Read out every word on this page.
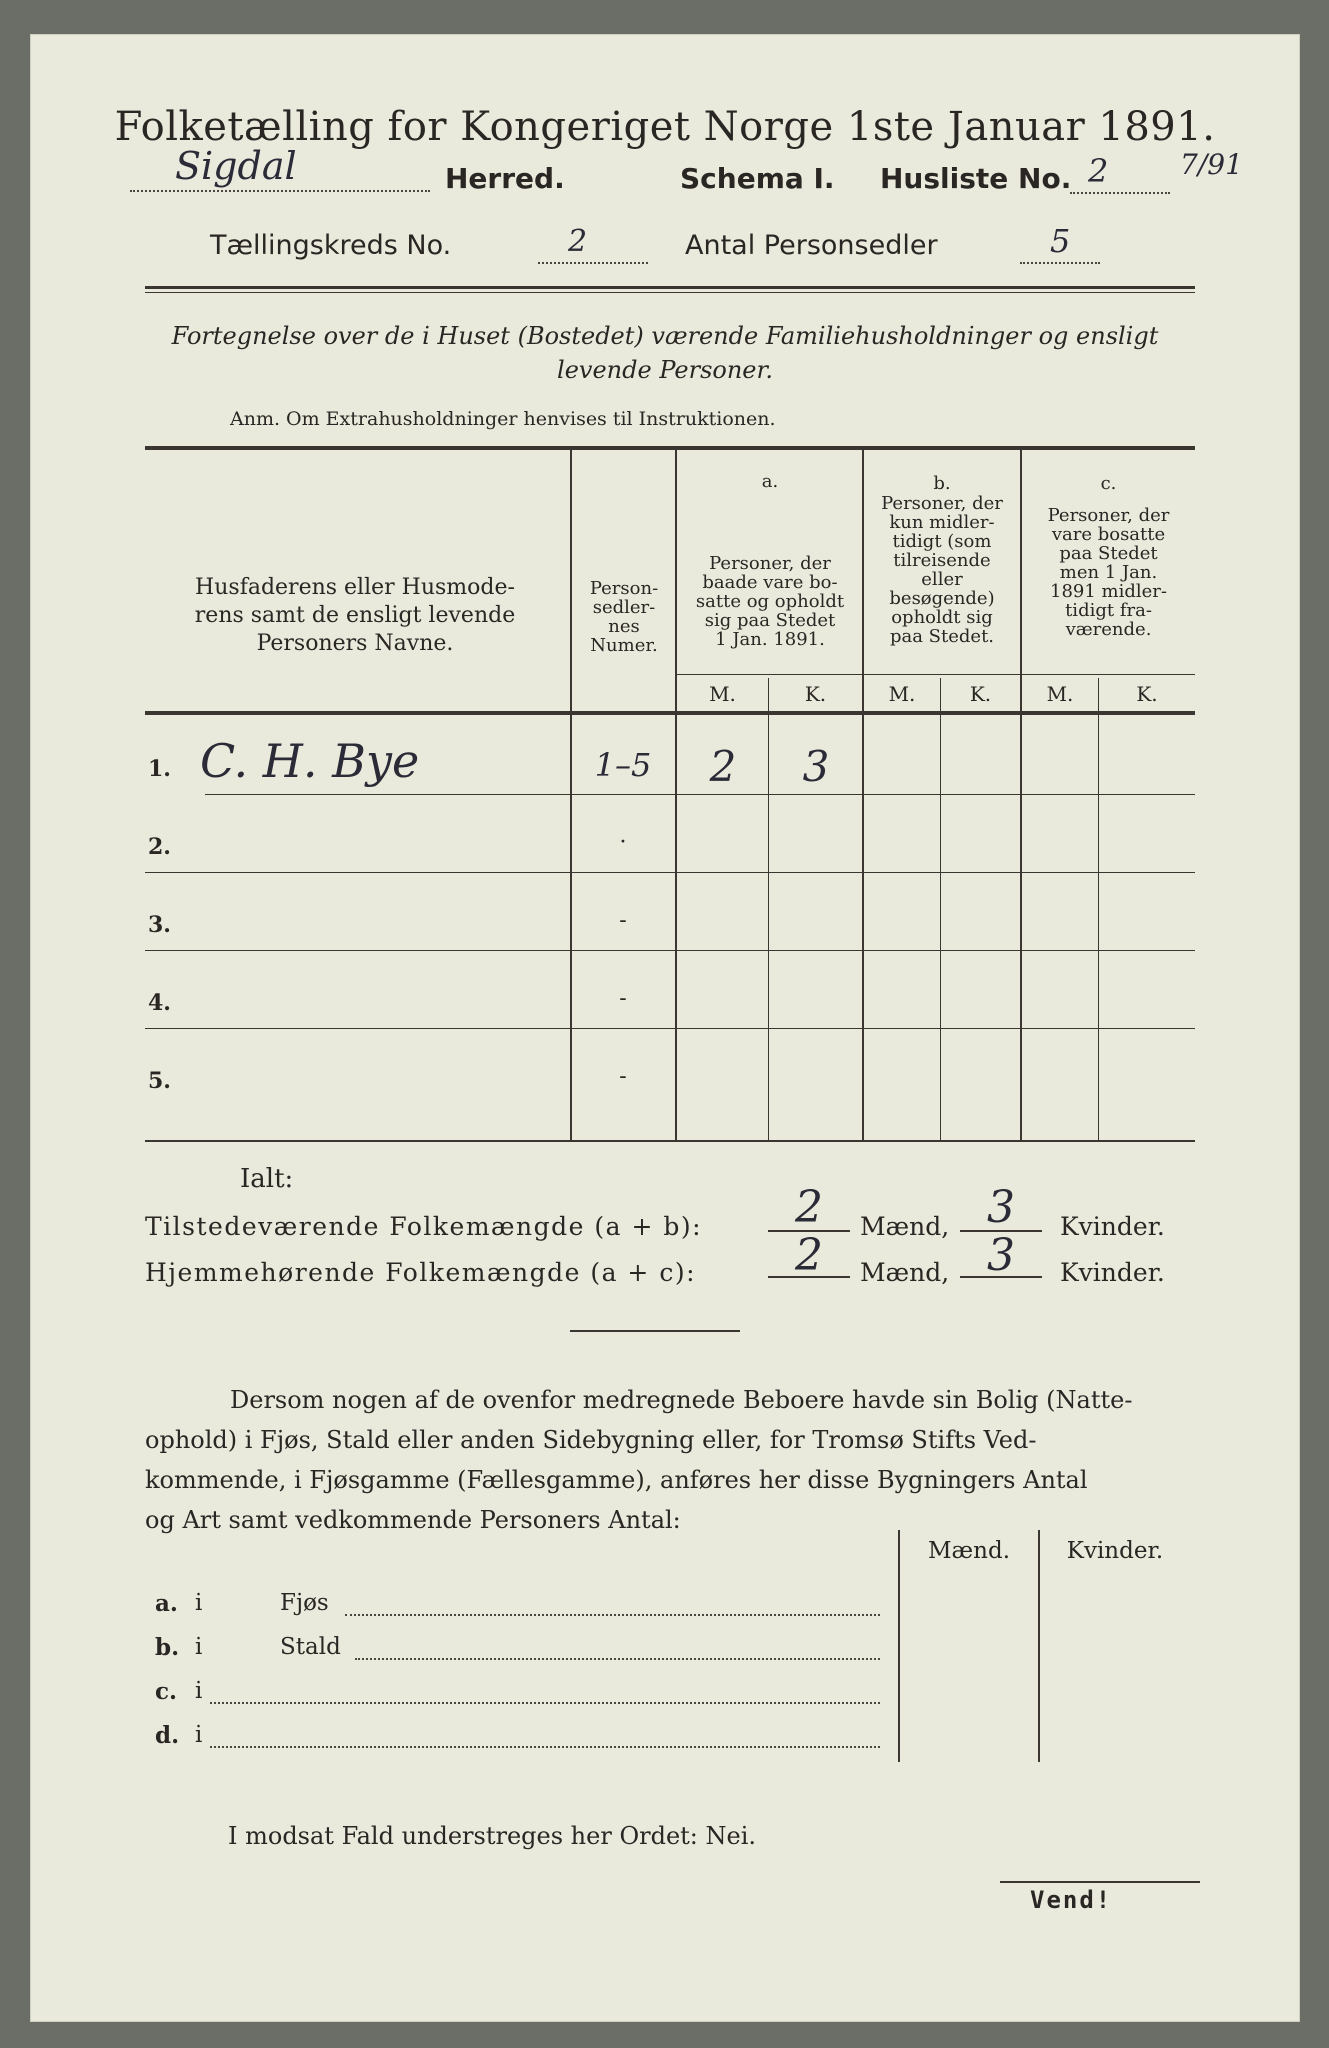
Folketælling for Kongeriget Norge 1ste Januar 1891.
Sigdal	Herred.	Schema I. Husliste No. 2	7/91
Tællingskreds No.	2	Antal Personsedler	5
Fortegnelse over de i Huset (Bostedet) værende Familiehusholdninger og ensligt
levende Personer.
Anm. Om Extrahusholdninger henvises til Instruktionen.
Husfaderens eller Husmode-
rens samt de ensligt levende
Personers Navne.
Person-
sedler-
nes
Numer.
a.
Personer, der
baade vare bo-
satte og opholdt
sig paa Stedet
1 Jan. 1891.
b.
Personer, der
kun midler-
tidigt (som
tilreisende
eller
besøgende)
opholdt sig
paa Stedet.
c.
Personer, der
vare bosatte
paa Stedet
men 1 Jan.
1891 midler-
tidigt fra-
værende.
M.	K.	M.	K.	M.	K.
1. C. H. Bye	1–5	2	3
2.	·
3.	-
4.	-
5.	-
Ialt:
Tilstedeværende Folkemængde (a + b):	2	Mænd, 3	Kvinder.
Hjemmehørende Folkemængde (a + c):	2	Mænd, 3	Kvinder.
Dersom nogen af de ovenfor medregnede Beboere havde sin Bolig (Natte-
ophold) i Fjøs, Stald eller anden Sidebygning eller, for Tromsø Stifts Ved-
kommende, i Fjøsgamme (Fællesgamme), anføres her disse Bygningers Antal
og Art samt vedkommende Personers Antal:
Mænd.	Kvinder.
a. i	Fjøs
b. i	Stald
c. i
d. i
I modsat Fald understreges her Ordet: Nei.
Vend!
